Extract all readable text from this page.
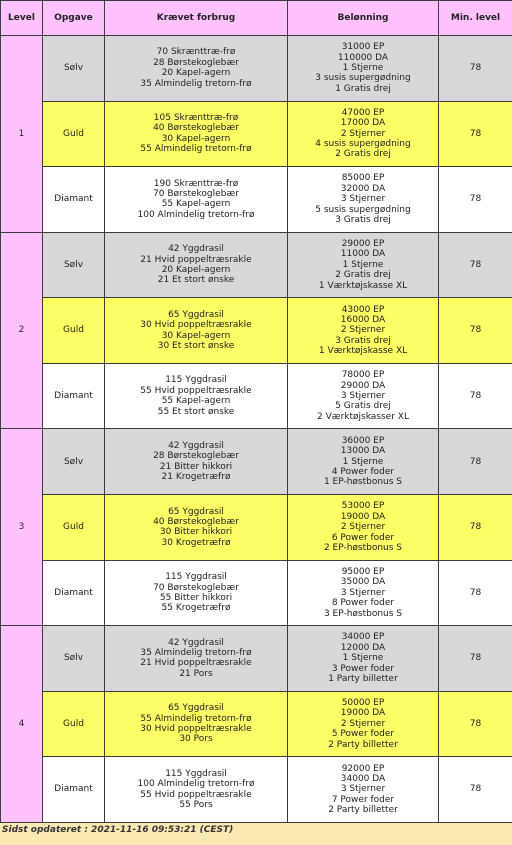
Level	Opgave	Krævet forbrug	Belønning	Min. level
1	Sølv	70 Skrænttræ-frø
28 Børstekoglebær
20 Kapel-agern
35 Almindelig tretorn-frø	31000 EP
110000 DA
1 Stjerne
3 susis supergødning
1 Gratis drej	78
	Guld	105 Skrænttræ-frø
40 Børstekoglebær
30 Kapel-agern
55 Almindelig tretorn-frø	47000 EP
17000 DA
2 Stjerner
4 susis supergødning
2 Gratis drej	78
	Diamant	190 Skrænttræ-frø
70 Børstekoglebær
55 Kapel-agern
100 Almindelig tretorn-frø	85000 EP
32000 DA
3 Stjerner
5 susis supergødning
3 Gratis drej	78
2	Sølv	42 Yggdrasil
21 Hvid poppeltræsrakle
20 Kapel-agern
21 Et stort ønske	29000 EP
11000 DA
1 Stjerne
2 Gratis drej
1 Værktøjskasse XL	78
	Guld	65 Yggdrasil
30 Hvid poppeltræsrakle
30 Kapel-agern
30 Et stort ønske	43000 EP
16000 DA
2 Stjerner
3 Gratis drej
1 Værktøjskasse XL	78
	Diamant	115 Yggdrasil
55 Hvid poppeltræsrakle
55 Kapel-agern
55 Et stort ønske	78000 EP
29000 DA
3 Stjerner
5 Gratis drej
2 Værktøjskasser XL	78
3	Sølv	42 Yggdrasil
28 Børstekoglebær
21 Bitter hikkori
21 Krogetræfrø	36000 EP
13000 DA
1 Stjerne
4 Power foder
1 EP-høstbonus S	78
	Guld	65 Yggdrasil
40 Børstekoglebær
30 Bitter hikkori
30 Krogetræfrø	53000 EP
19000 DA
2 Stjerner
6 Power foder
2 EP-høstbonus S	78
	Diamant	115 Yggdrasil
70 Børstekoglebær
55 Bitter hikkori
55 Krogetræfrø	95000 EP
35000 DA
3 Stjerner
8 Power foder
3 EP-høstbonus S	78
4	Sølv	42 Yggdrasil
35 Almindelig tretorn-frø
21 Hvid poppeltræsrakle
21 Pors	34000 EP
12000 DA
1 Stjerne
3 Power foder
1 Party billetter	78
	Guld	65 Yggdrasil
55 Almindelig tretorn-frø
30 Hvid poppeltræsrakle
30 Pors	50000 EP
19000 DA
2 Stjerner
5 Power foder
2 Party billetter	78
	Diamant	115 Yggdrasil
100 Almindelig tretorn-frø
55 Hvid poppeltræsrakle
55 Pors	92000 EP
34000 DA
3 Stjerner
7 Power foder
2 Party billetter	78
Sidst opdateret : 2021-11-16 09:53:21 (CEST)
